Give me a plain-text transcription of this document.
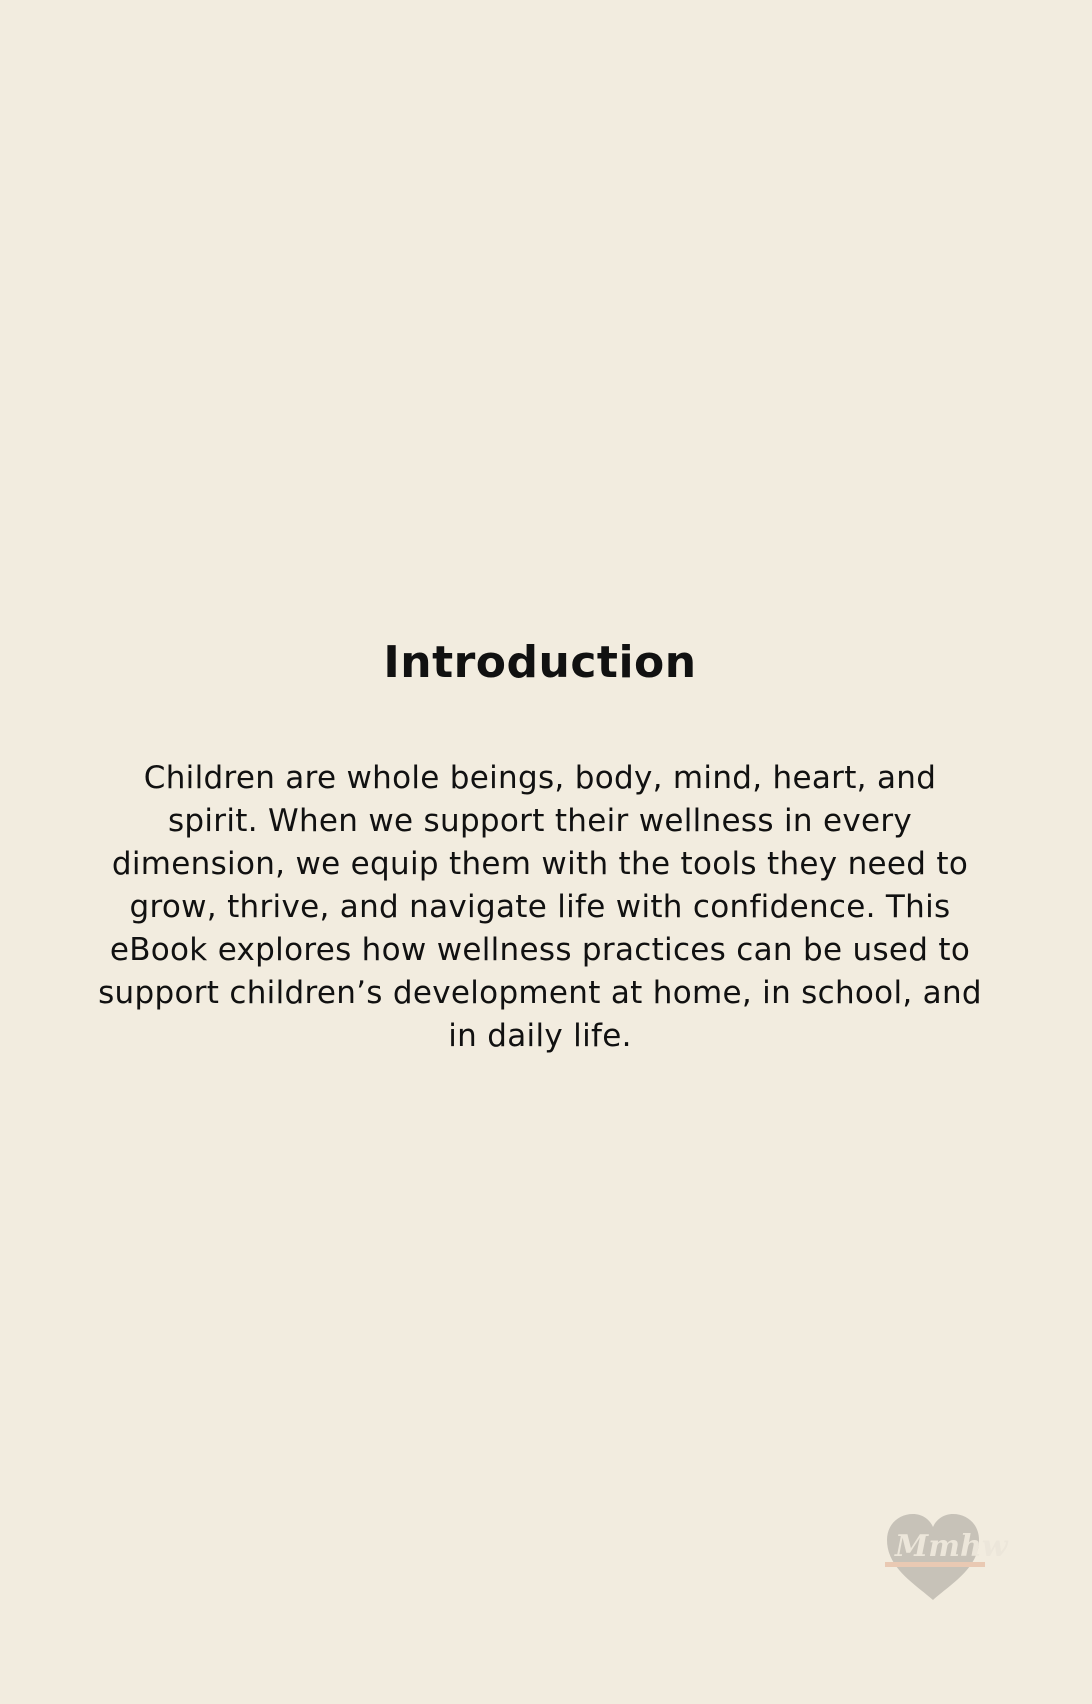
Introduction

Children are whole beings, body, mind, heart, and spirit. When we support their wellness in every dimension, we equip them with the tools they need to grow, thrive, and navigate life with confidence. This eBook explores how wellness practices can be used to support children’s development at home, in school, and in daily life.

Mmhw
